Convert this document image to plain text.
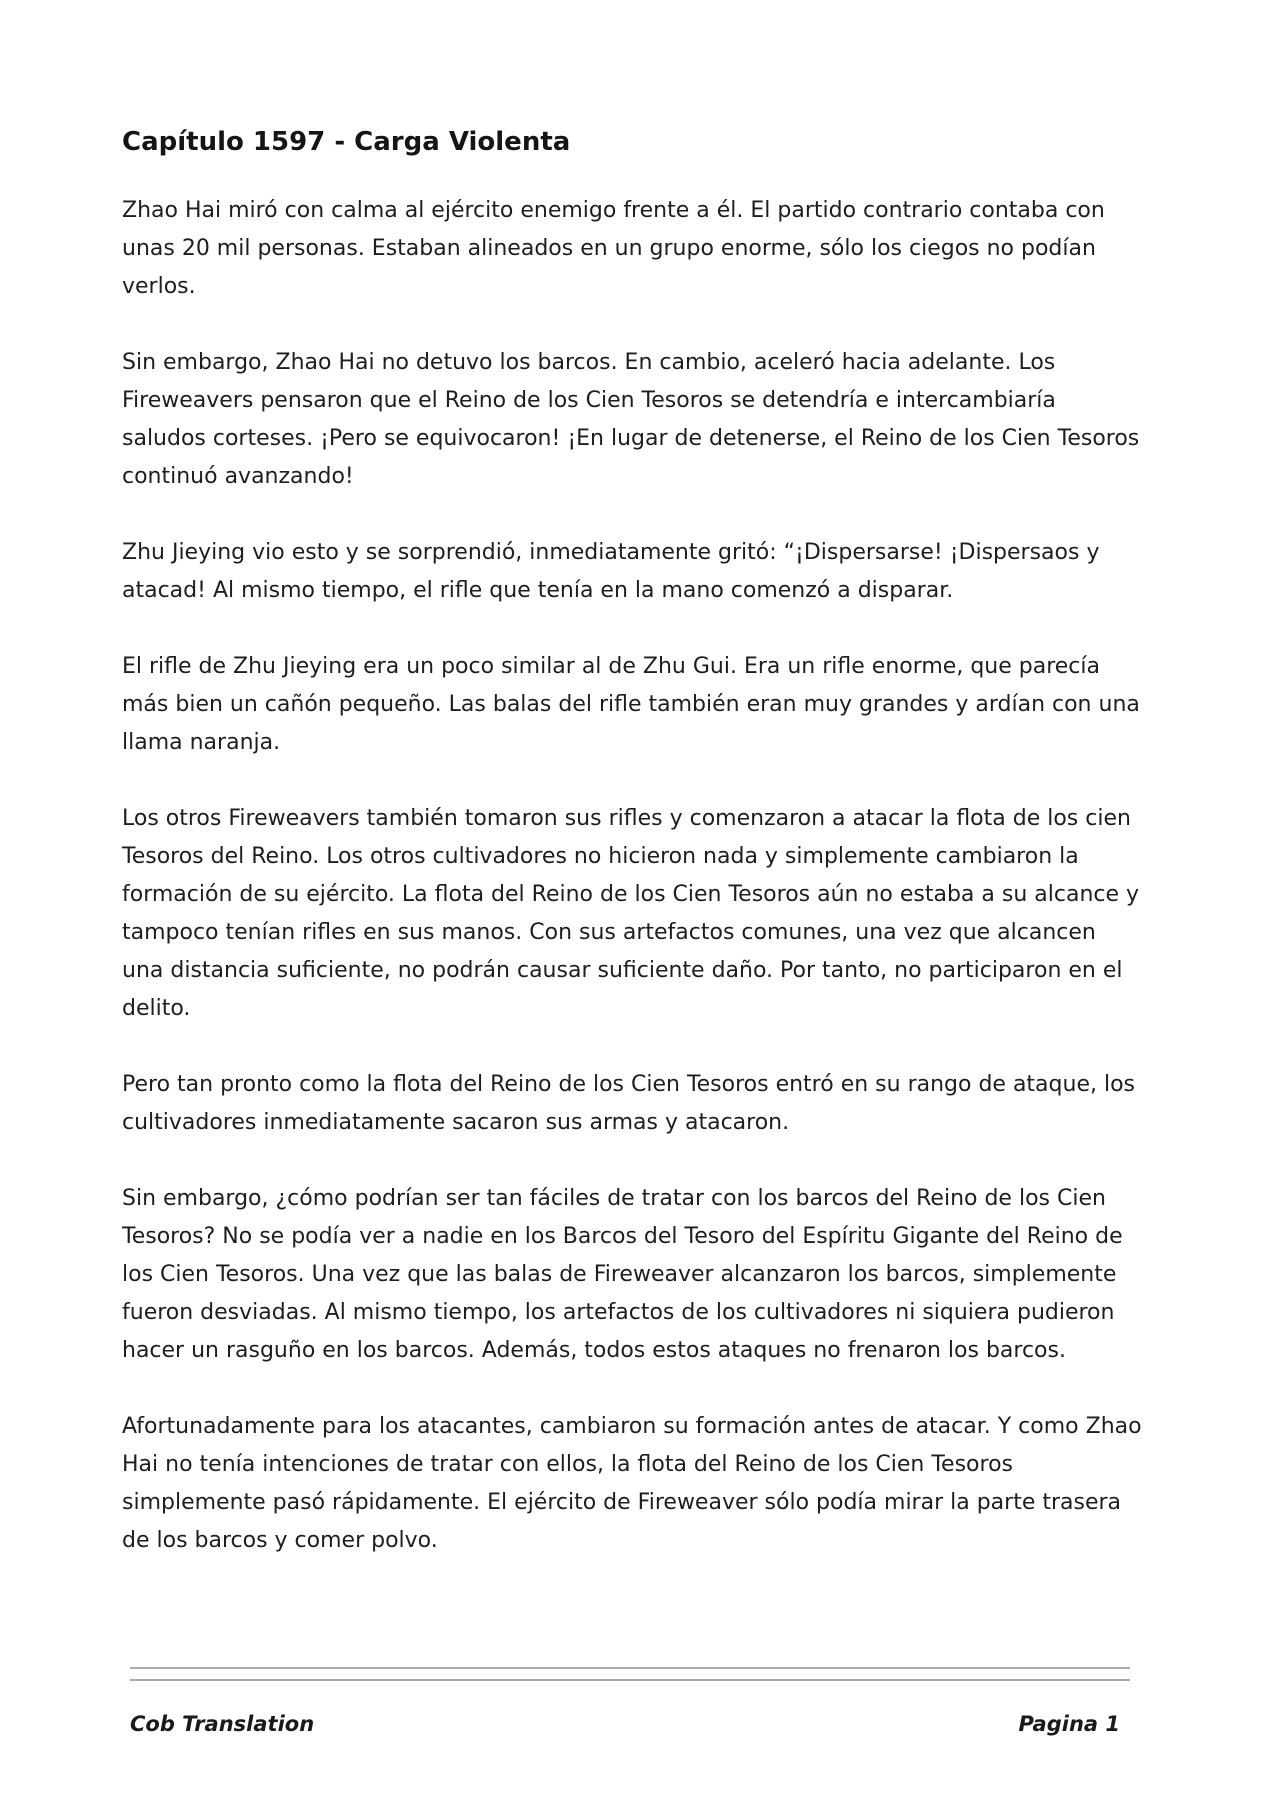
Capítulo 1597 - Carga Violenta

Zhao Hai miró con calma al ejército enemigo frente a él. El partido contrario contaba con unas 20 mil personas. Estaban alineados en un grupo enorme, sólo los ciegos no podían verlos.

Sin embargo, Zhao Hai no detuvo los barcos. En cambio, aceleró hacia adelante. Los Fireweavers pensaron que el Reino de los Cien Tesoros se detendría e intercambiaría saludos corteses. ¡Pero se equivocaron! ¡En lugar de detenerse, el Reino de los Cien Tesoros continuó avanzando!

Zhu Jieying vio esto y se sorprendió, inmediatamente gritó: “¡Dispersarse! ¡Dispersaos y atacad! Al mismo tiempo, el rifle que tenía en la mano comenzó a disparar.

El rifle de Zhu Jieying era un poco similar al de Zhu Gui. Era un rifle enorme, que parecía más bien un cañón pequeño. Las balas del rifle también eran muy grandes y ardían con una llama naranja.

Los otros Fireweavers también tomaron sus rifles y comenzaron a atacar la flota de los cien Tesoros del Reino. Los otros cultivadores no hicieron nada y simplemente cambiaron la formación de su ejército. La flota del Reino de los Cien Tesoros aún no estaba a su alcance y tampoco tenían rifles en sus manos. Con sus artefactos comunes, una vez que alcancen una distancia suficiente, no podrán causar suficiente daño. Por tanto, no participaron en el delito.

Pero tan pronto como la flota del Reino de los Cien Tesoros entró en su rango de ataque, los cultivadores inmediatamente sacaron sus armas y atacaron.

Sin embargo, ¿cómo podrían ser tan fáciles de tratar con los barcos del Reino de los Cien Tesoros? No se podía ver a nadie en los Barcos del Tesoro del Espíritu Gigante del Reino de los Cien Tesoros. Una vez que las balas de Fireweaver alcanzaron los barcos, simplemente fueron desviadas. Al mismo tiempo, los artefactos de los cultivadores ni siquiera pudieron hacer un rasguño en los barcos. Además, todos estos ataques no frenaron los barcos.

Afortunadamente para los atacantes, cambiaron su formación antes de atacar. Y como Zhao Hai no tenía intenciones de tratar con ellos, la flota del Reino de los Cien Tesoros simplemente pasó rápidamente. El ejército de Fireweaver sólo podía mirar la parte trasera de los barcos y comer polvo.

Cob Translation	Pagina 1
